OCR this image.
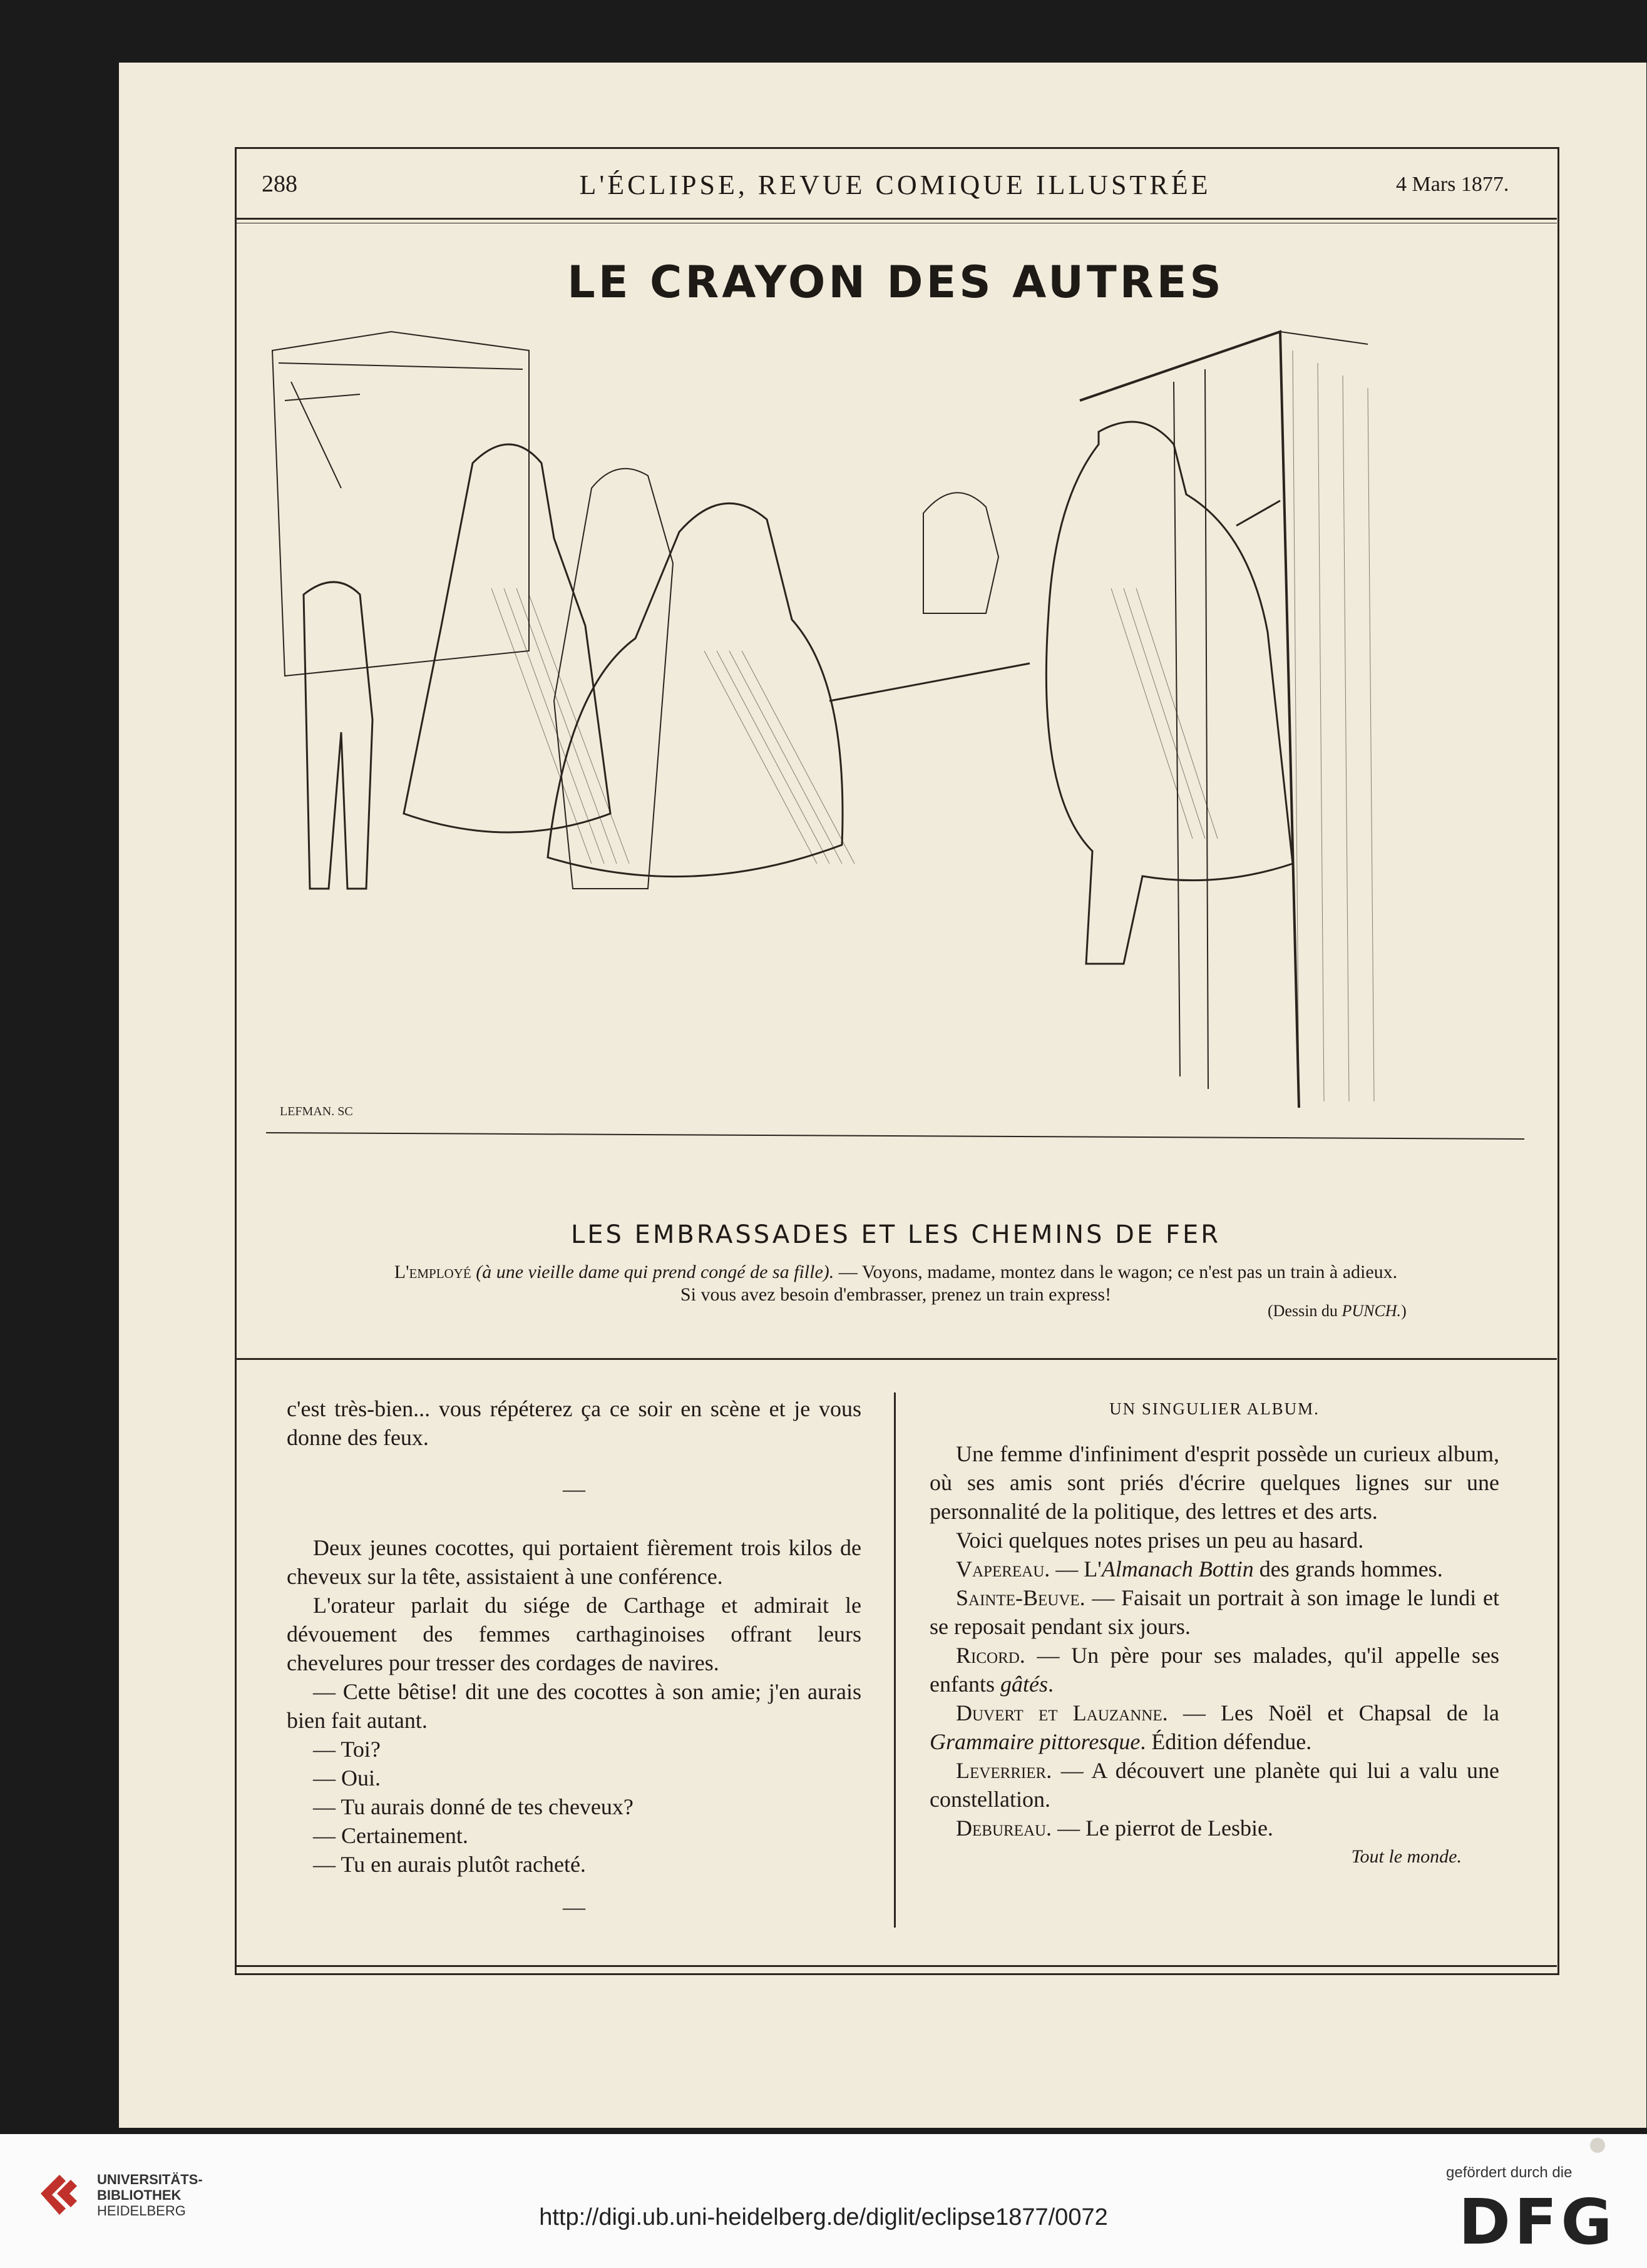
288	L'ÉCLIPSE, REVUE COMIQUE ILLUSTRÉE	4 Mars 1877.
LE CRAYON DES AUTRES
LEFMAN. SC
LES EMBRASSADES ET LES CHEMINS DE FER
L'employé (à une vieille dame qui prend congé de sa fille). — Voyons, madame, montez dans le wagon; ce n'est pas un train à adieux.
Si vous avez besoin d'embrasser, prenez un train express!
(Dessin du PUNCH.)

c'est très-bien... vous répéterez ça ce soir en scène et je vous donne des feux.

—

Deux jeunes cocottes, qui portaient fièrement trois kilos de cheveux sur la tête, assistaient à une conférence.

L'orateur parlait du siége de Carthage et admirait le dévouement des femmes carthaginoises offrant leurs chevelures pour tresser des cordages de navires.

— Cette bêtise! dit une des cocottes à son amie; j'en aurais bien fait autant.

— Toi?

— Oui.

— Tu aurais donné de tes cheveux?

— Certainement.

— Tu en aurais plutôt racheté.

—

UN SINGULIER ALBUM.

Une femme d'infiniment d'esprit possède un curieux album, où ses amis sont priés d'écrire quelques lignes sur une personnalité de la politique, des lettres et des arts.

Voici quelques notes prises un peu au hasard.

Vapereau. — L'Almanach Bottin des grands hommes.

Sainte-Beuve. — Faisait un portrait à son image le lundi et se reposait pendant six jours.

Ricord. — Un père pour ses malades, qu'il appelle ses enfants gâtés.

Duvert et Lauzanne. — Les Noël et Chapsal de la Grammaire pittoresque. Édition défendue.

Leverrier. — A découvert une planète qui lui a valu une constellation.

Debureau. — Le pierrot de Lesbie.

Tout le monde.

UNIVERSITÄTS-
BIBLIOTHEK
HEIDELBERG	http://digi.ub.uni-heidelberg.de/diglit/eclipse1877/0072
gefördert durch die
DFG
